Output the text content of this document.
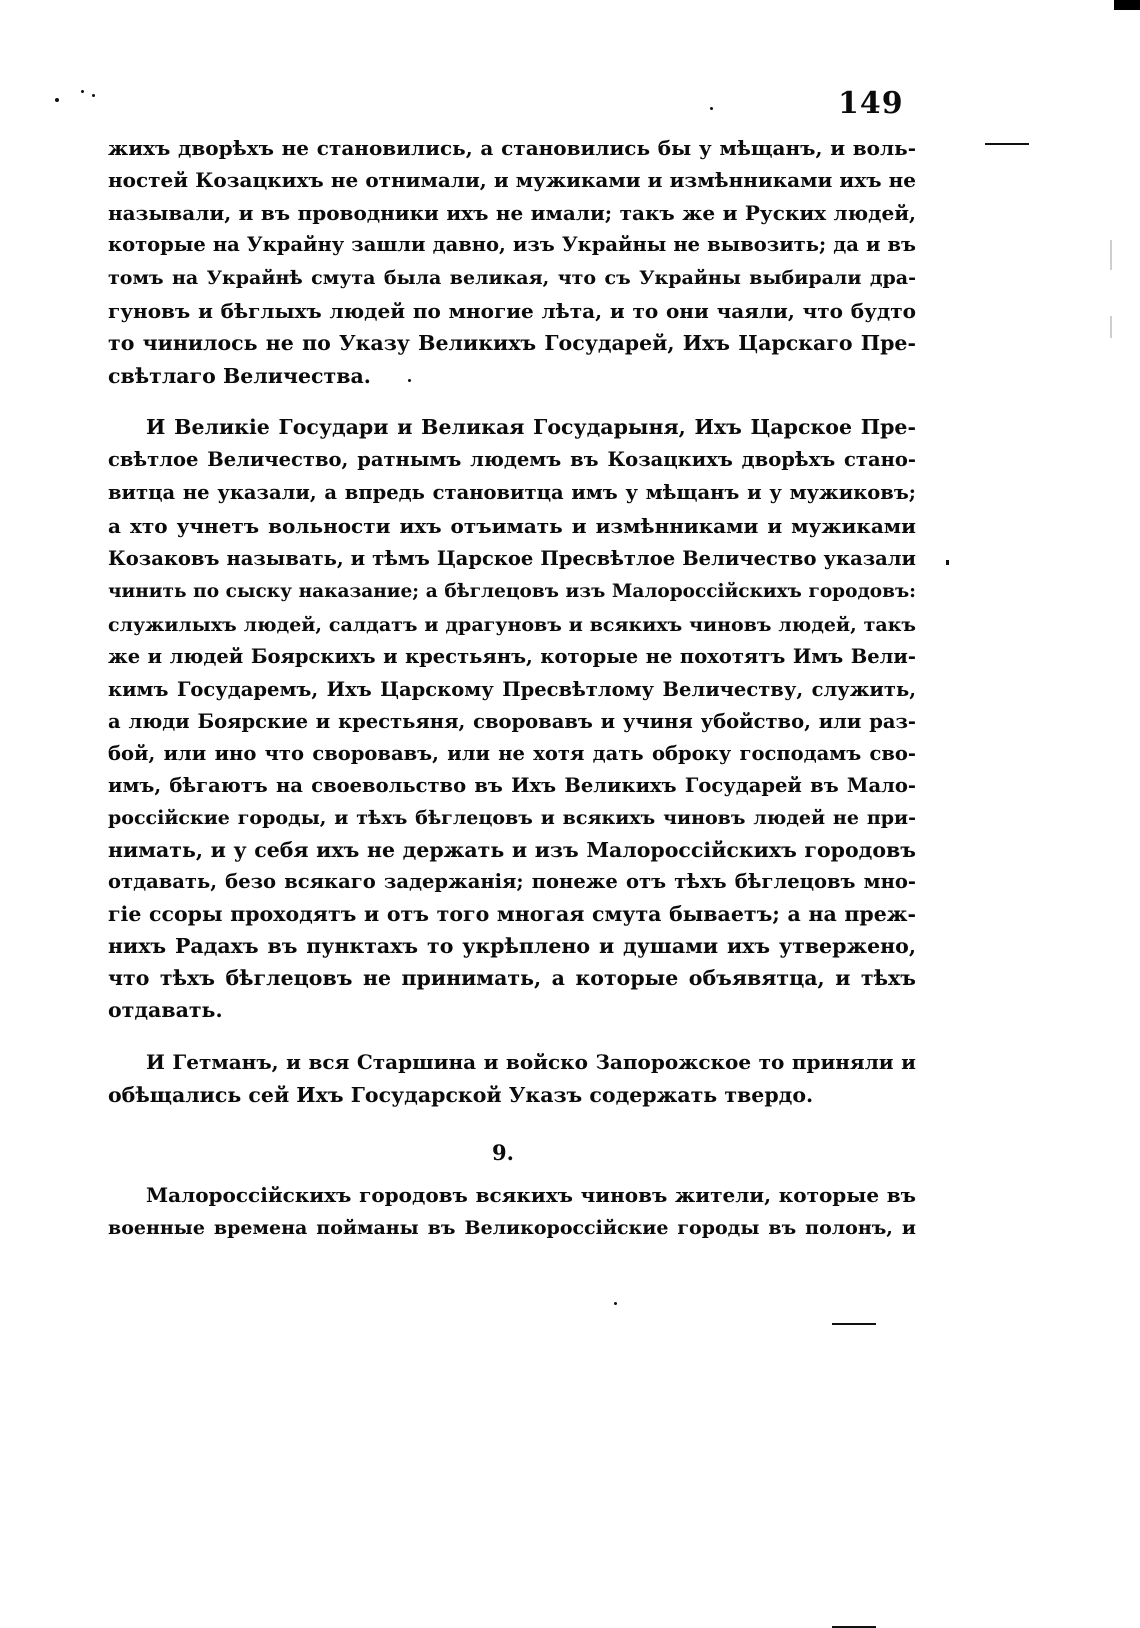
149
жихъ дворѣхъ не становились, а становились бы у мѣщанъ, и воль-
ностей Козацкихъ не отнимали, и мужиками и измѣнниками ихъ не
называли, и въ проводники ихъ не имали; такъ же и Руских людей,
которые на Украйну зашли давно, изъ Украйны не вывозить; да и въ
томъ на Украйнѣ смута была великая, что съ Украйны выбирали дра-
гуновъ и бѣглыхъ людей по многие лѣта, и то они чаяли, что будто
то чинилось не по Указу Великихъ Государей, Ихъ Царскаго Пре-
свѣтлаго Величества.
И Великіе Государи и Великая Государыня, Ихъ Царское Пре-
свѣтлое Величество, ратнымъ людемъ въ Козацкихъ дворѣхъ стано-
витца не указали, а впредь становитца имъ у мѣщанъ и у мужиковъ;
а хто учнетъ вольности ихъ отъимать и измѣнниками и мужиками
Козаковъ называть, и тѣмъ Царское Пресвѣтлое Величество указали
чинить по сыску наказание; а бѣглецовъ изъ Малороссійскихъ городовъ:
служилыхъ людей, салдатъ и драгуновъ и всякихъ чиновъ людей, такъ
же и людей Боярскихъ и крестьянъ, которые не похотятъ Имъ Вели-
кимъ Государемъ, Ихъ Царскому Пресвѣтлому Величеству, служить,
а люди Боярские и крестьяня, своровавъ и учиня убойство, или раз-
бой, или ино что своровавъ, или не хотя дать оброку господамъ сво-
имъ, бѣгаютъ на своевольство въ Ихъ Великихъ Государей въ Мало-
россійские городы, и тѣхъ бѣглецовъ и всякихъ чиновъ людей не при-
нимать, и у себя ихъ не держать и изъ Малороссійскихъ городовъ
отдавать, безо всякаго задержанія; понеже отъ тѣхъ бѣглецовъ мно-
гіе ссоры проходятъ и отъ того многая смута бываетъ; а на преж-
нихъ Радахъ въ пунктахъ то укрѣплено и душами ихъ утвержено,
что тѣхъ бѣглецовъ не принимать, а которые объявятца, и тѣхъ
отдавать.
И Гетманъ, и вся Старшина и войско Запорожское то приняли и
обѣщались сей Ихъ Государской Указъ содержать твердо.
9.
Малороссійскихъ городовъ всякихъ чиновъ жители, которые въ
военные времена пойманы въ Великороссійские городы въ полонъ, и
